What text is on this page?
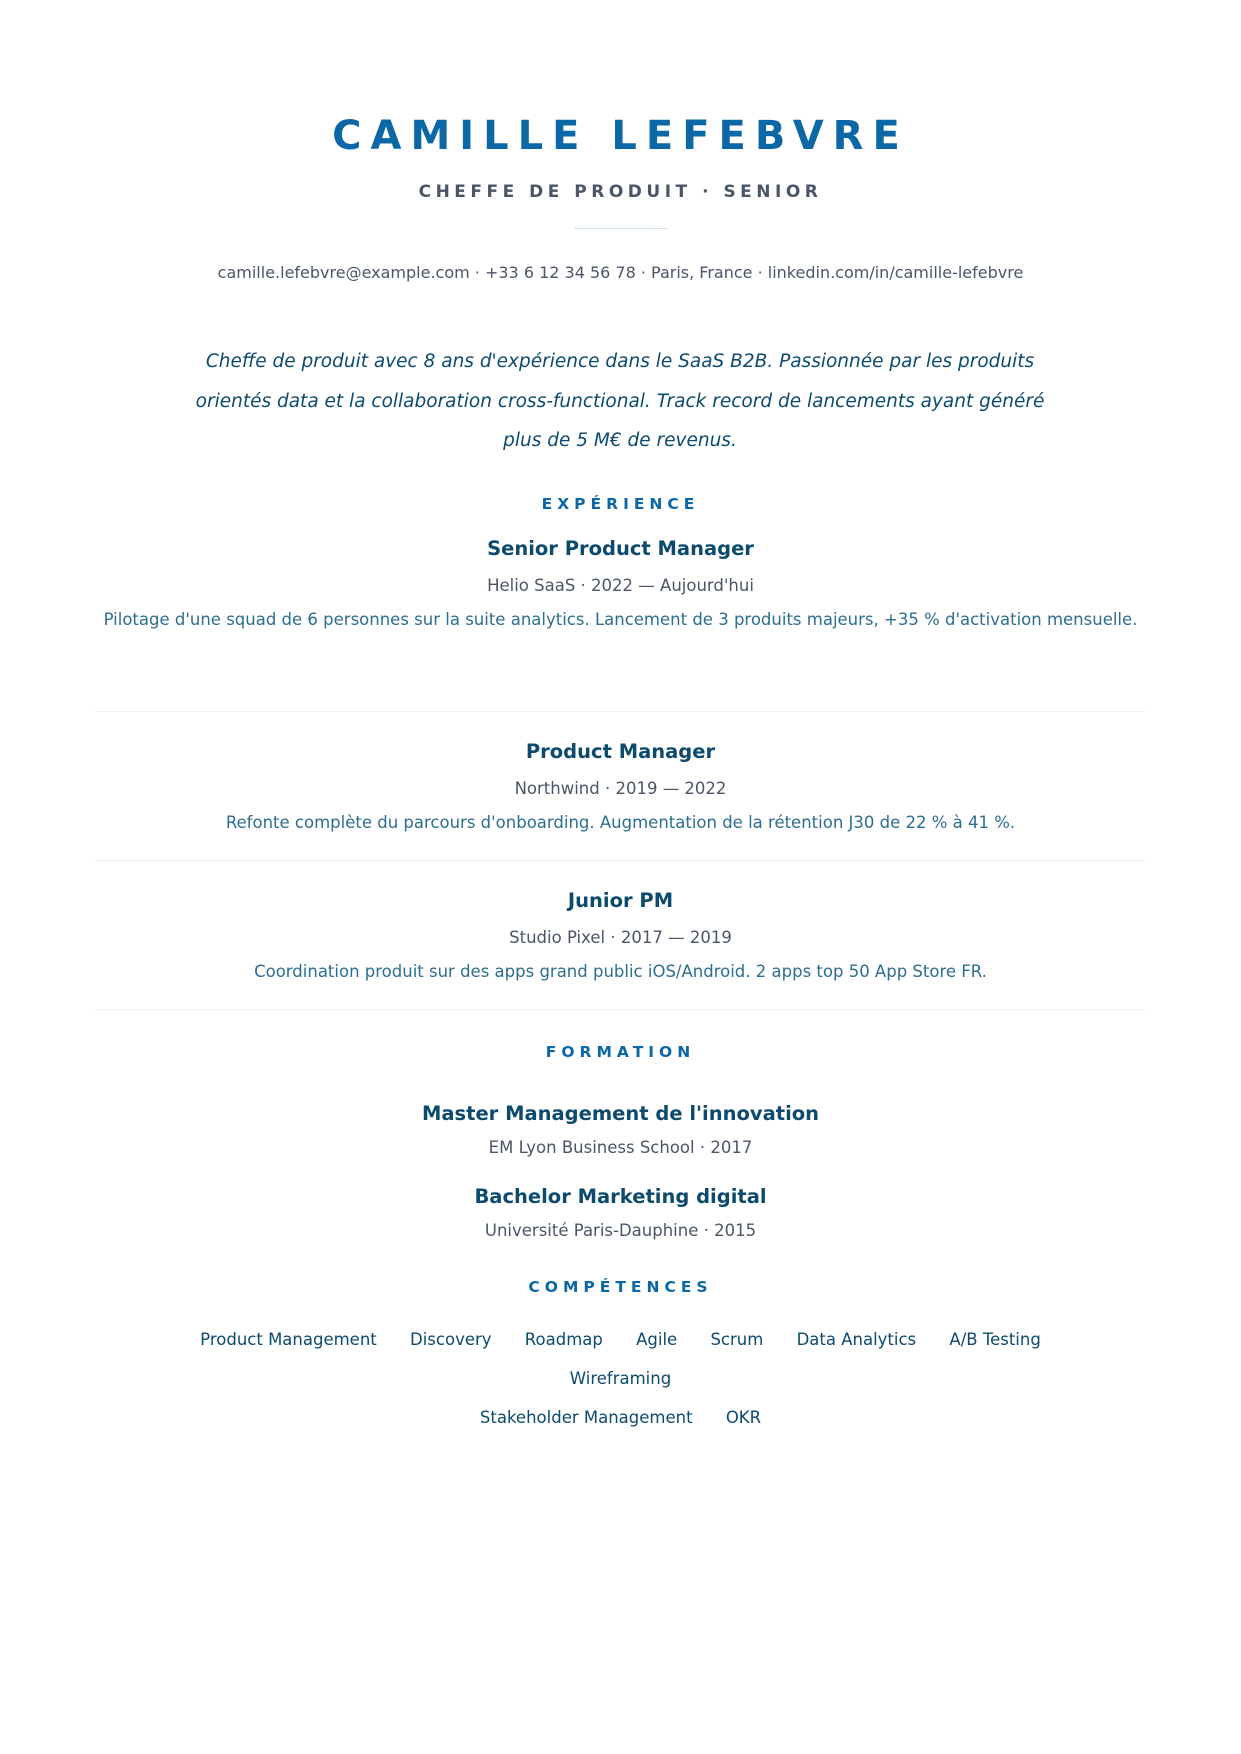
CAMILLE LEFEBVRE
CHEFFE DE PRODUIT · SENIOR
camille.lefebvre@example.com · +33 6 12 34 56 78 · Paris, France · linkedin.com/in/camille-lefebvre
Cheffe de produit avec 8 ans d'expérience dans le SaaS B2B. Passionnée par les produits orientés data et la collaboration cross-functional. Track record de lancements ayant généré plus de 5 M€ de revenus.
EXPÉRIENCE
Senior Product Manager
Helio SaaS · 2022 — Aujourd'hui
Pilotage d'une squad de 6 personnes sur la suite analytics. Lancement de 3 produits majeurs, +35 % d'activation mensuelle.
Product Manager
Northwind · 2019 — 2022
Refonte complète du parcours d'onboarding. Augmentation de la rétention J30 de 22 % à 41 %.
Junior PM
Studio Pixel · 2017 — 2019
Coordination produit sur des apps grand public iOS/Android. 2 apps top 50 App Store FR.
FORMATION
Master Management de l'innovation
EM Lyon Business School · 2017
Bachelor Marketing digital
Université Paris-Dauphine · 2015
COMPÉTENCES
Product Management Discovery Roadmap Agile Scrum Data Analytics A/B Testing Wireframing
Stakeholder Management OKR
